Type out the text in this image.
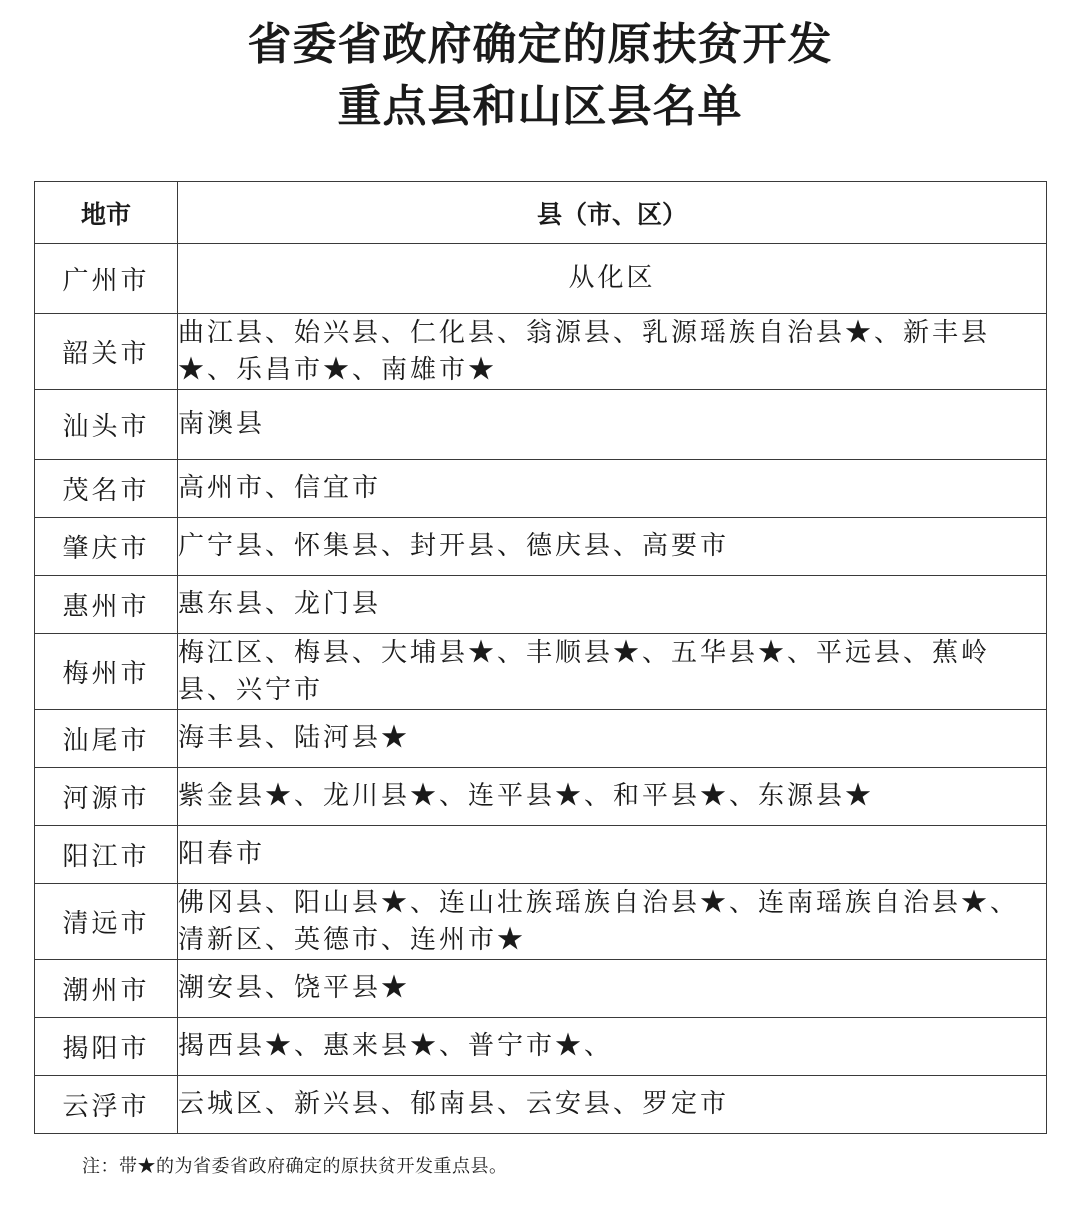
省委省政府确定的原扶贫开发
重点县和山区县名单
地市	县（市、区）
广州市	从化区
韶关市	曲江县、始兴县、仁化县、翁源县、乳源瑶族自治县★、新丰县★、乐昌市★、南雄市★
汕头市	南澳县
茂名市	高州市、信宜市
肇庆市	广宁县、怀集县、封开县、德庆县、高要市
惠州市	惠东县、龙门县
梅州市	梅江区、梅县、大埔县★、丰顺县★、五华县★、平远县、蕉岭县、兴宁市
汕尾市	海丰县、陆河县★
河源市	紫金县★、龙川县★、连平县★、和平县★、东源县★
阳江市	阳春市
清远市	佛冈县、阳山县★、连山壮族瑶族自治县★、连南瑶族自治县★、清新区、英德市、连州市★
潮州市	潮安县、饶平县★
揭阳市	揭西县★、惠来县★、普宁市★、
云浮市	云城区、新兴县、郁南县、云安县、罗定市

注：带★的为省委省政府确定的原扶贫开发重点县。
